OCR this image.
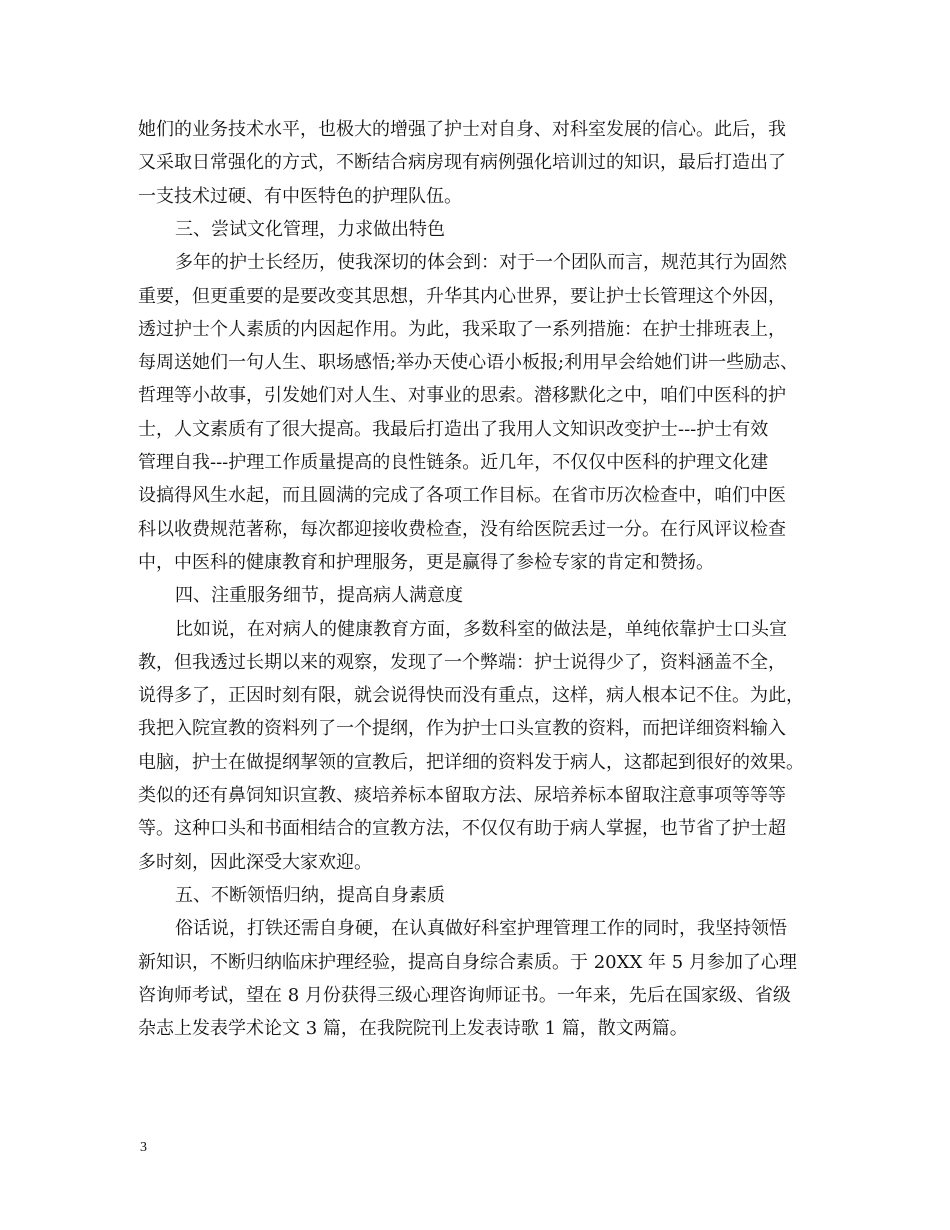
她们的业务技术水平，也极大的增强了护士对自身、对科室发展的信心。此后，我
又采取日常强化的方式，不断结合病房现有病例强化培训过的知识，最后打造出了
一支技术过硬、有中医特色的护理队伍。
三、尝试文化管理，力求做出特色
多年的护士长经历，使我深切的体会到：对于一个团队而言，规范其行为固然
重要，但更重要的是要改变其思想，升华其内心世界，要让护士长管理这个外因，
透过护士个人素质的内因起作用。为此，我采取了一系列措施：在护士排班表上，
每周送她们一句人生、职场感悟;举办天使心语小板报;利用早会给她们讲一些励志、
哲理等小故事，引发她们对人生、对事业的思索。潜移默化之中，咱们中医科的护
士，人文素质有了很大提高。我最后打造出了我用人文知识改变护士---护士有效
管理自我---护理工作质量提高的良性链条。近几年，不仅仅中医科的护理文化建
设搞得风生水起，而且圆满的完成了各项工作目标。在省市历次检查中，咱们中医
科以收费规范著称，每次都迎接收费检查，没有给医院丢过一分。在行风评议检查
中，中医科的健康教育和护理服务，更是赢得了参检专家的肯定和赞扬。
四、注重服务细节，提高病人满意度
比如说，在对病人的健康教育方面，多数科室的做法是，单纯依靠护士口头宣
教，但我透过长期以来的观察，发现了一个弊端：护士说得少了，资料涵盖不全，
说得多了，正因时刻有限，就会说得快而没有重点，这样，病人根本记不住。为此，
我把入院宣教的资料列了一个提纲，作为护士口头宣教的资料，而把详细资料输入
电脑，护士在做提纲挈领的宣教后，把详细的资料发于病人，这都起到很好的效果。
类似的还有鼻饲知识宣教、痰培养标本留取方法、尿培养标本留取注意事项等等等
等。这种口头和书面相结合的宣教方法，不仅仅有助于病人掌握，也节省了护士超
多时刻，因此深受大家欢迎。
五、不断领悟归纳，提高自身素质
俗话说，打铁还需自身硬，在认真做好科室护理管理工作的同时，我坚持领悟
新知识，不断归纳临床护理经验，提高自身综合素质。于 20XX 年 5 月参加了心理
咨询师考试，望在 8 月份获得三级心理咨询师证书。一年来，先后在国家级、省级
杂志上发表学术论文 3 篇，在我院院刊上发表诗歌 1 篇，散文两篇。
3
